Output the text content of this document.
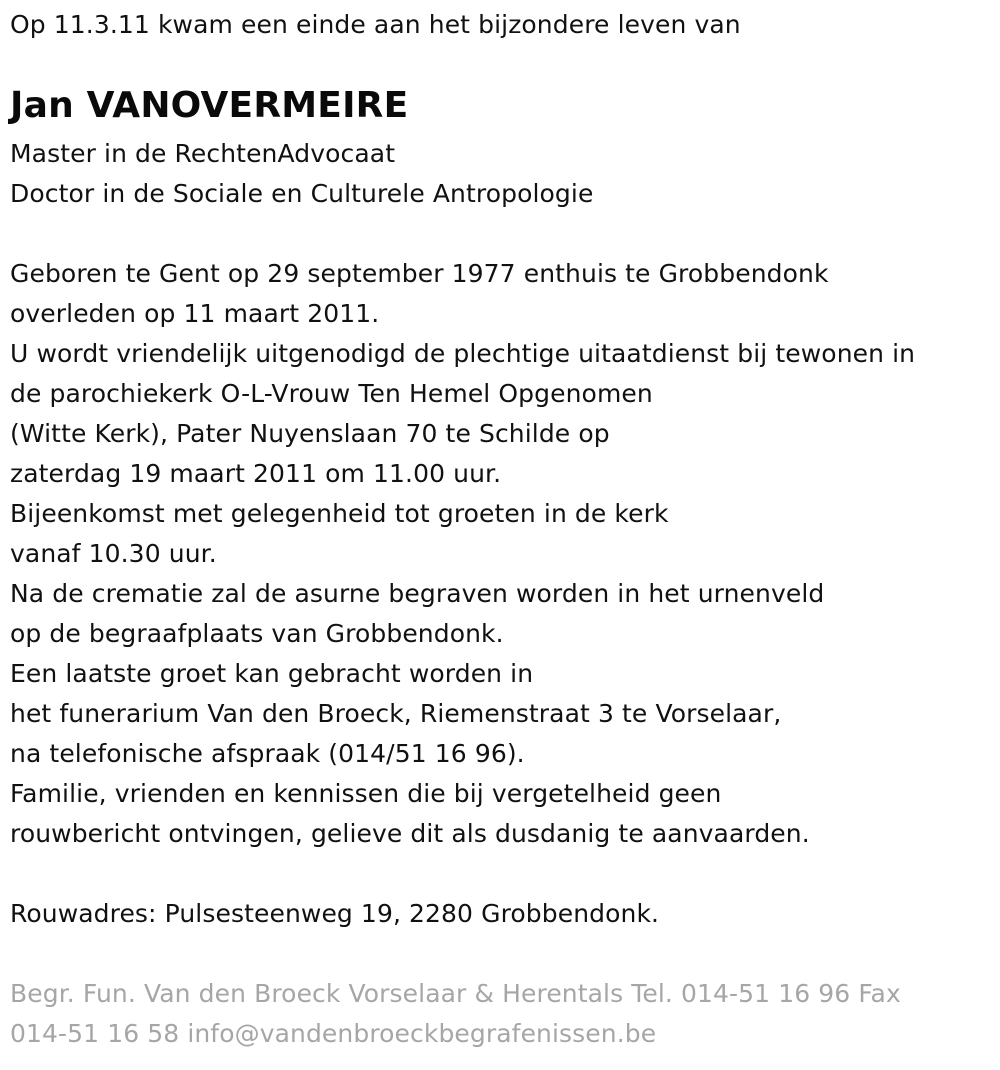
Op 11.3.11 kwam een einde aan het bijzondere leven van
Jan VANOVERMEIRE
Master in de RechtenAdvocaat
Doctor in de Sociale en Culturele Antropologie
Geboren te Gent op 29 september 1977 enthuis te Grobbendonk
overleden op 11 maart 2011.
U wordt vriendelijk uitgenodigd de plechtige uitaatdienst bij tewonen in
de parochiekerk O-L-Vrouw Ten Hemel Opgenomen
(Witte Kerk), Pater Nuyenslaan 70 te Schilde op
zaterdag 19 maart 2011 om 11.00 uur.
Bijeenkomst met gelegenheid tot groeten in de kerk
vanaf 10.30 uur.
Na de crematie zal de asurne begraven worden in het urnenveld
op de begraafplaats van Grobbendonk.
Een laatste groet kan gebracht worden in
het funerarium Van den Broeck, Riemenstraat 3 te Vorselaar,
na telefonische afspraak (014/51 16 96).
Familie, vrienden en kennissen die bij vergetelheid geen
rouwbericht ontvingen, gelieve dit als dusdanig te aanvaarden.
Rouwadres: Pulsesteenweg 19, 2280 Grobbendonk.
Begr. Fun. Van den Broeck Vorselaar & Herentals Tel. 014-51 16 96 Fax
014-51 16 58 info@vandenbroeckbegrafenissen.be
